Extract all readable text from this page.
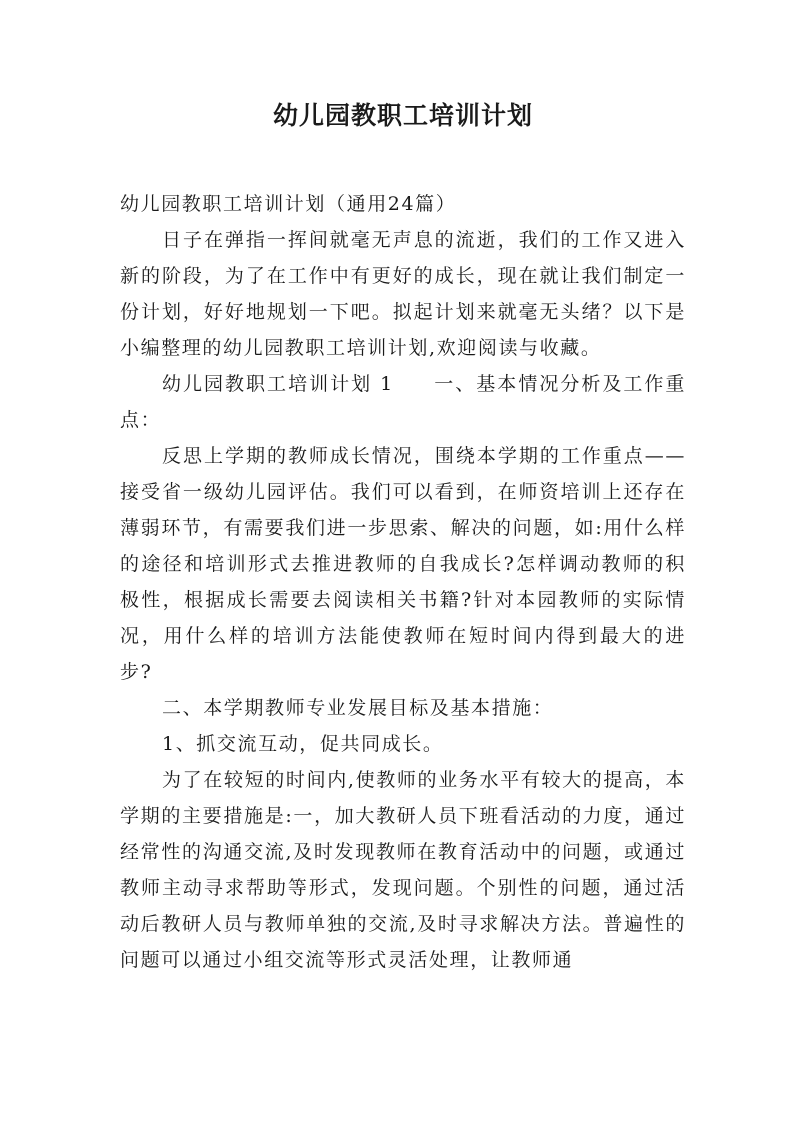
幼儿园教职工培训计划

幼儿园教职工培训计划（通用24篇）

日子在弹指一挥间就毫无声息的流逝，我们的工作又进入新的阶段，为了在工作中有更好的成长，现在就让我们制定一份计划，好好地规划一下吧。拟起计划来就毫无头绪？以下是小编整理的幼儿园教职工培训计划,欢迎阅读与收藏。

幼儿园教职工培训计划 1 一、基本情况分析及工作重点：

反思上学期的教师成长情况，围绕本学期的工作重点——接受省一级幼儿园评估。我们可以看到，在师资培训上还存在薄弱环节，有需要我们进一步思索、解决的问题，如:用什么样的途径和培训形式去推进教师的自我成长?怎样调动教师的积极性，根据成长需要去阅读相关书籍?针对本园教师的实际情况，用什么样的培训方法能使教师在短时间内得到最大的进步?

二、本学期教师专业发展目标及基本措施：

1、抓交流互动，促共同成长。

为了在较短的时间内,使教师的业务水平有较大的提高，本学期的主要措施是:一，加大教研人员下班看活动的力度，通过经常性的沟通交流,及时发现教师在教育活动中的问题，或通过教师主动寻求帮助等形式，发现问题。个别性的问题，通过活动后教研人员与教师单独的交流,及时寻求解决方法。普遍性的问题可以通过小组交流等形式灵活处理，让教师通
